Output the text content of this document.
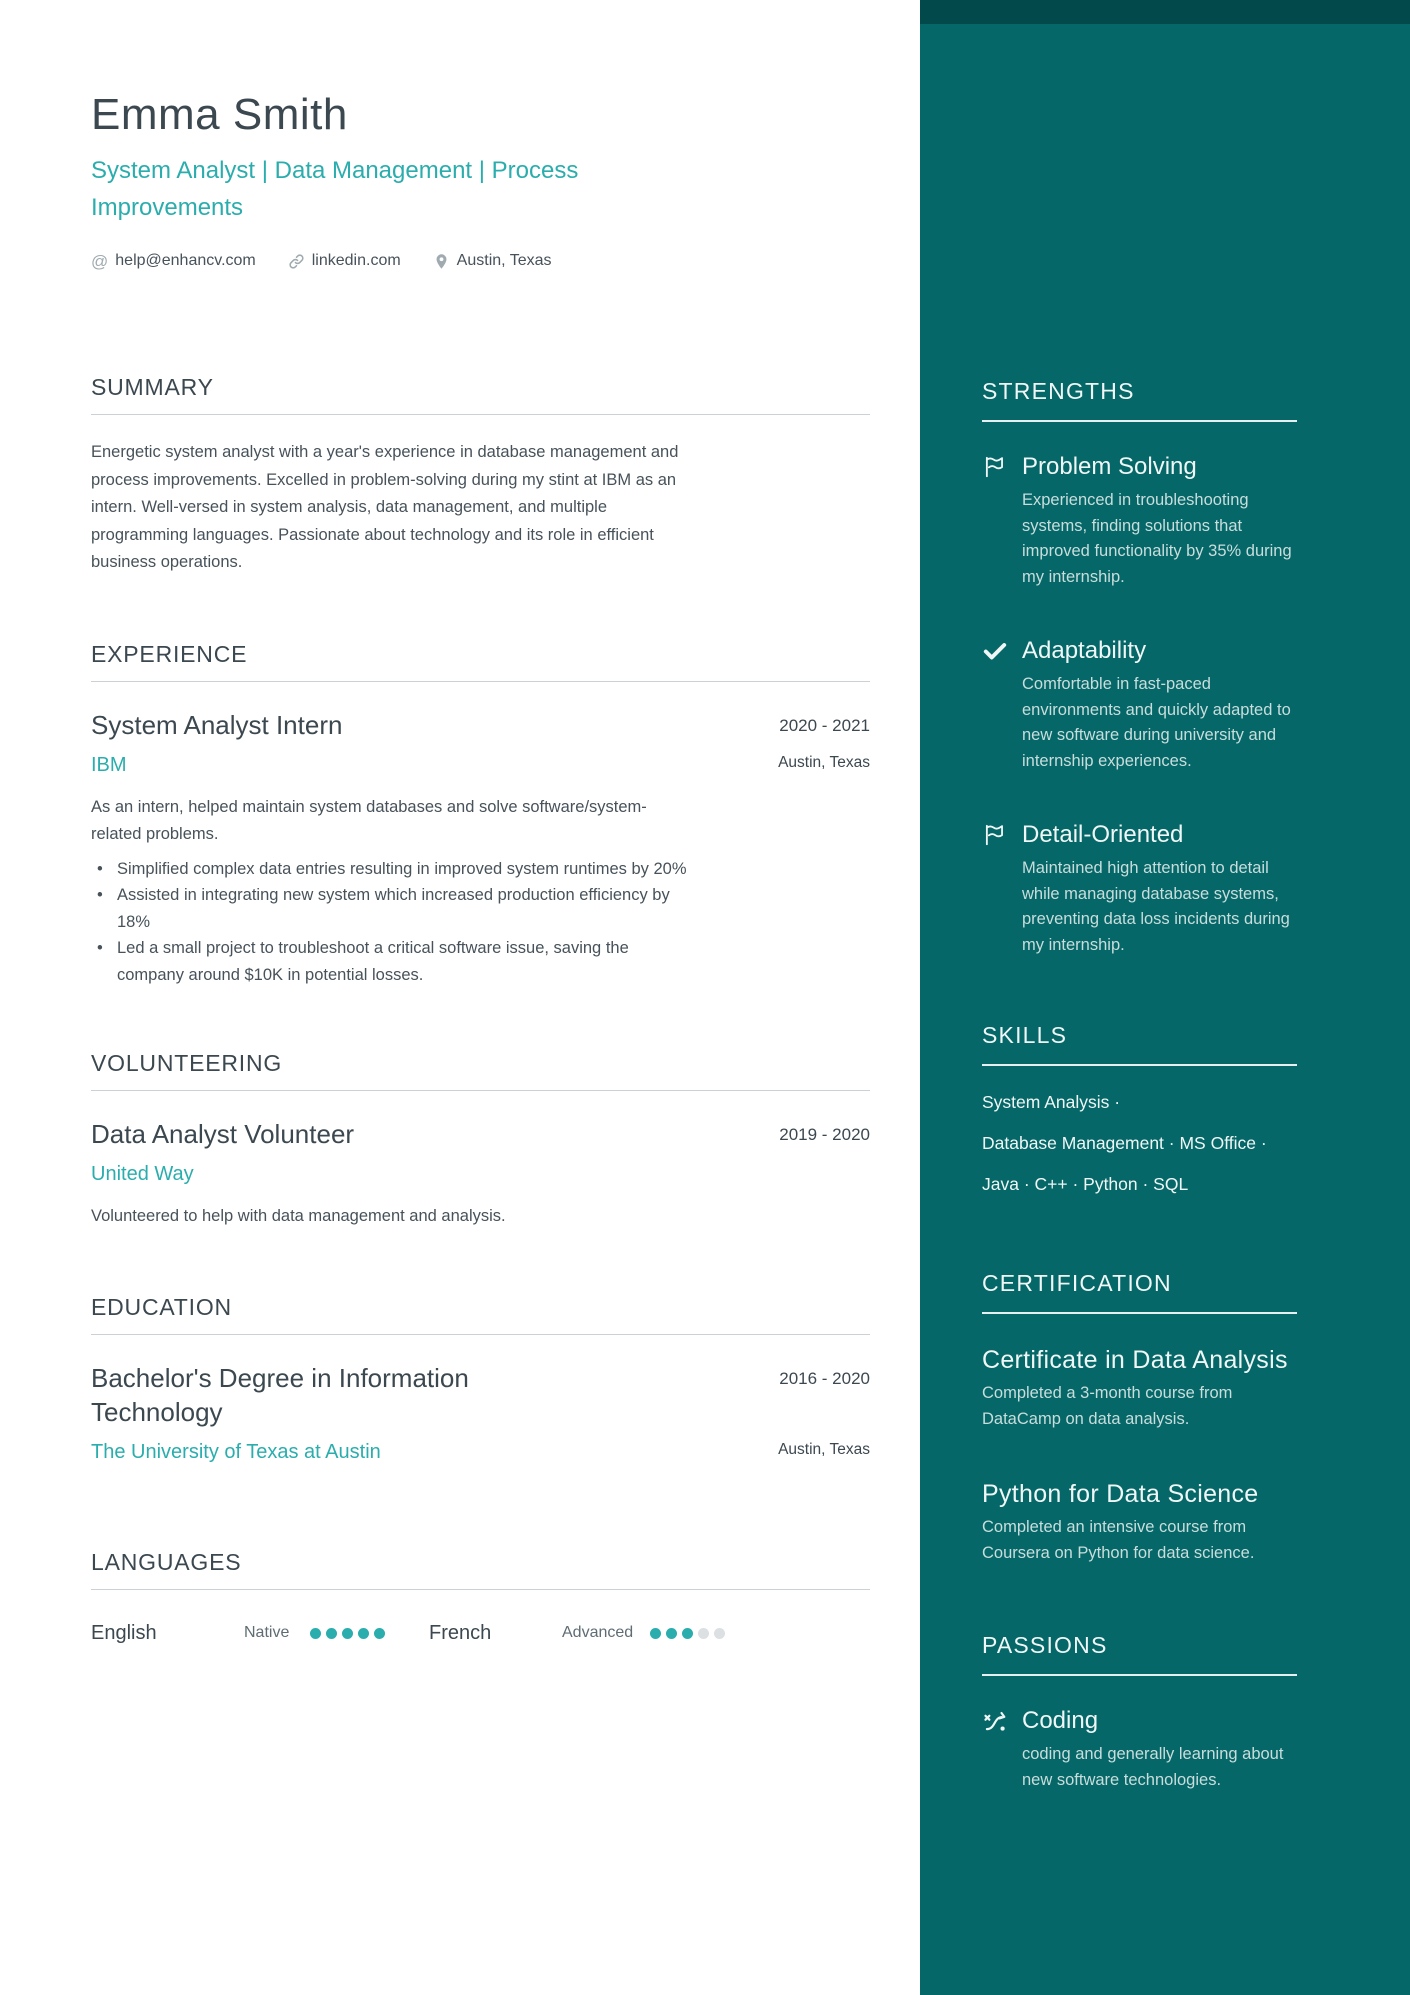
Emma Smith
System Analyst | Data Management | Process Improvements
@
help@enhancv.com	linkedin.com	Austin, Texas
SUMMARY
Energetic system analyst with a year's experience in database management and process improvements. Excelled in problem-solving during my stint at IBM as an intern. Well-versed in system analysis, data management, and multiple programming languages. Passionate about technology and its role in efficient business operations.
EXPERIENCE
System Analyst Intern	2020 - 2021
IBM	Austin, Texas
As an intern, helped maintain system databases and solve software/system-related problems.
•
Simplified complex data entries resulting in improved system runtimes by 20%
•
Assisted in integrating new system which increased production efficiency by 18%
•
Led a small project to troubleshoot a critical software issue, saving the company around $10K in potential losses.
VOLUNTEERING
Data Analyst Volunteer	2019 - 2020
United Way
Volunteered to help with data management and analysis.
EDUCATION
Bachelor's Degree in Information Technology
2016 - 2020
The University of Texas at Austin	Austin, Texas
LANGUAGES
English	Native	French	Advanced
STRENGTHS
Problem Solving
Experienced in troubleshooting systems, finding solutions that improved functionality by 35% during my internship.
Adaptability
Comfortable in fast-paced environments and quickly adapted to new software during university and internship experiences.
Detail-Oriented
Maintained high attention to detail while managing database systems, preventing data loss incidents during my internship.
SKILLS
System Analysis ·
Database Management · MS Office ·
Java · C++ · Python · SQL
CERTIFICATION
Certificate in Data Analysis
Completed a 3-month course from DataCamp on data analysis.
Python for Data Science
Completed an intensive course from Coursera on Python for data science.
PASSIONS
Coding
coding and generally learning about new software technologies.
